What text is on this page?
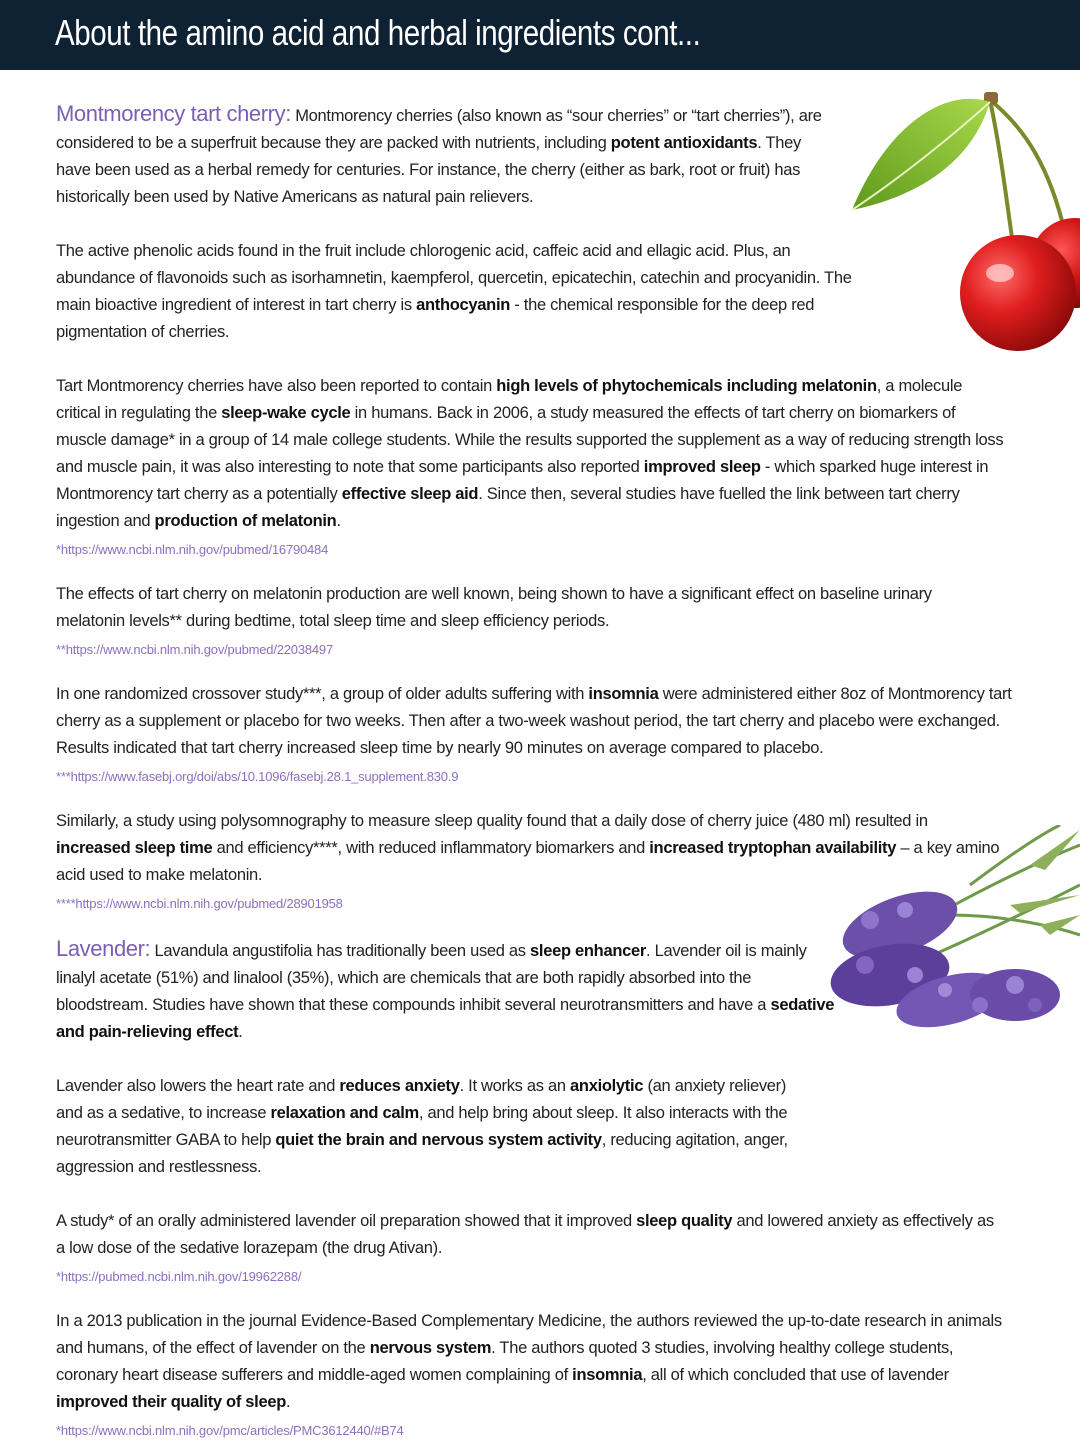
About the amino acid and herbal ingredients cont...

Montmorency tart cherry: Montmorency cherries (also known as “sour cherries” or “tart cherries”), are considered to be a superfruit because they are packed with nutrients, including potent antioxidants. They have been used as a herbal remedy for centuries. For instance, the cherry (either as bark, root or fruit) has historically been used by Native Americans as natural pain relievers.

The active phenolic acids found in the fruit include chlorogenic acid, caffeic acid and ellagic acid. Plus, an abundance of flavonoids such as isorhamnetin, kaempferol, quercetin, epicatechin, catechin and procyanidin. The main bioactive ingredient of interest in tart cherry is anthocyanin - the chemical responsible for the deep red pigmentation of cherries.

Tart Montmorency cherries have also been reported to contain high levels of phytochemicals including melatonin, a molecule critical in regulating the sleep-wake cycle in humans. Back in 2006, a study measured the effects of tart cherry on biomarkers of muscle damage* in a group of 14 male college students. While the results supported the supplement as a way of reducing strength loss and muscle pain, it was also interesting to note that some participants also reported improved sleep - which sparked huge interest in Montmorency tart cherry as a potentially effective sleep aid. Since then, several studies have fuelled the link between tart cherry ingestion and production of melatonin.

*https://www.ncbi.nlm.nih.gov/pubmed/16790484

The effects of tart cherry on melatonin production are well known, being shown to have a significant effect on baseline urinary melatonin levels** during bedtime, total sleep time and sleep efficiency periods.

**https://www.ncbi.nlm.nih.gov/pubmed/22038497

In one randomized crossover study***, a group of older adults suffering with insomnia were administered either 8oz of Montmorency tart cherry as a supplement or placebo for two weeks. Then after a two-week washout period, the tart cherry and placebo were exchanged. Results indicated that tart cherry increased sleep time by nearly 90 minutes on average compared to placebo.

***https://www.fasebj.org/doi/abs/10.1096/fasebj.28.1_supplement.830.9

Similarly, a study using polysomnography to measure sleep quality found that a daily dose of cherry juice (480 ml) resulted in increased sleep time and efficiency****, with reduced inflammatory biomarkers and increased tryptophan availability – a key amino acid used to make melatonin.

****https://www.ncbi.nlm.nih.gov/pubmed/28901958

Lavender: Lavandula angustifolia has traditionally been used as sleep enhancer. Lavender oil is mainly linalyl acetate (51%) and linalool (35%), which are chemicals that are both rapidly absorbed into the bloodstream. Studies have shown that these compounds inhibit several neurotransmitters and have a sedative and pain-relieving effect.

Lavender also lowers the heart rate and reduces anxiety. It works as an anxiolytic (an anxiety reliever) and as a sedative, to increase relaxation and calm, and help bring about sleep. It also interacts with the neurotransmitter GABA to help quiet the brain and nervous system activity, reducing agitation, anger, aggression and restlessness.

A study* of an orally administered lavender oil preparation showed that it improved sleep quality and lowered anxiety as effectively as a low dose of the sedative lorazepam (the drug Ativan).

*https://pubmed.ncbi.nlm.nih.gov/19962288/

In a 2013 publication in the journal Evidence-Based Complementary Medicine, the authors reviewed the up-to-date research in animals and humans, of the effect of lavender on the nervous system. The authors quoted 3 studies, involving healthy college students, coronary heart disease sufferers and middle-aged women complaining of insomnia, all of which concluded that use of lavender improved their quality of sleep.

*https://www.ncbi.nlm.nih.gov/pmc/articles/PMC3612440/#B74
